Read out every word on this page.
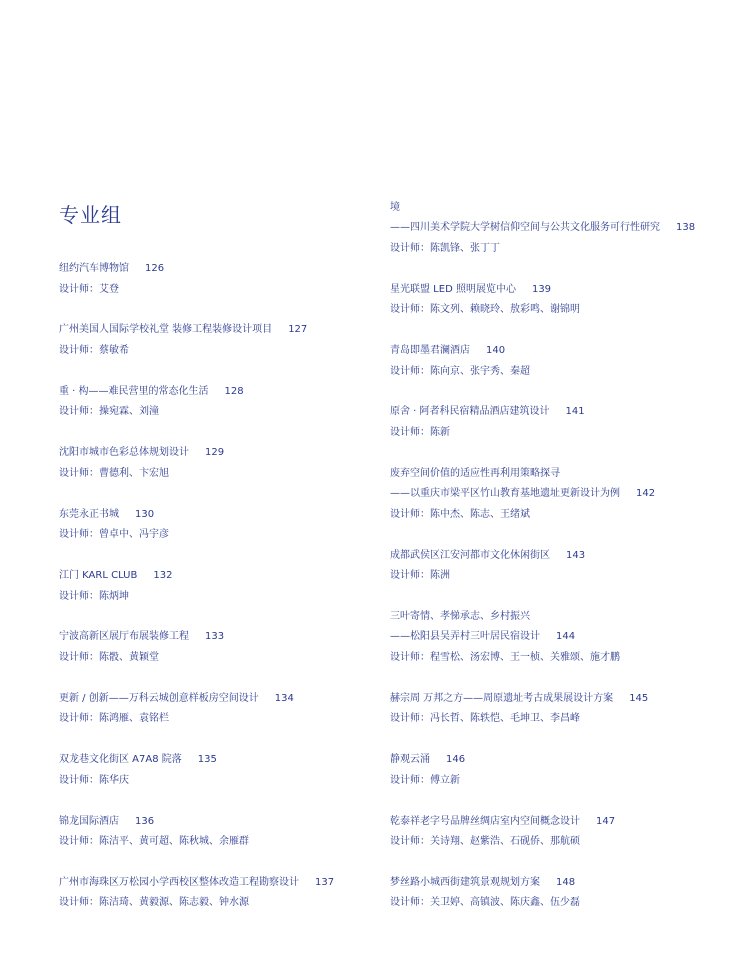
专业组
纽约汽车博物馆 126
设计师：艾登
广州美国人国际学校礼堂 装修工程装修设计项目 127
设计师：蔡敏希
重 · 构——难民营里的常态化生活 128
设计师：操宛霖、刘潼
沈阳市城市色彩总体规划设计 129
设计师：曹德利、卞宏旭
东莞永正书城 130
设计师：曾卓中、冯宇彦
江门 KARL CLUB 132
设计师：陈炳坤
宁波高新区展厅布展装修工程 133
设计师：陈骰、黄颖堂
更新 / 创新——万科云城创意样板房空间设计 134
设计师：陈鸿雁、袁铭栏
双龙巷文化街区 A7A8 院落 135
设计师：陈华庆
锦龙国际酒店 136
设计师：陈洁平、黄可超、陈秋城、余雁群
广州市海珠区万松园小学西校区整体改造工程勘察设计 137
设计师：陈洁琦、黄毅源、陈志毅、钟水源
境
——四川美术学院大学树信仰空间与公共文化服务可行性研究 138
设计师：陈凯锋、张丁丁
星光联盟 LED 照明展览中心 139
设计师：陈文列、赖晓玲、敖彩鸣、谢锦明
青岛即墨君澜酒店 140
设计师：陈向京、张宇秀、秦超
原舍 · 阿者科民宿精品酒店建筑设计 141
设计师：陈新
废弃空间价值的适应性再利用策略探寻
——以重庆市梁平区竹山教育基地遗址更新设计为例 142
设计师：陈中杰、陈志、王绪斌
成都武侯区江安河都市文化休闲街区 143
设计师：陈洲
三叶寄情、孝悌承志、乡村振兴
——松阳县吴弄村三叶居民宿设计 144
设计师：程雪松、汤宏博、王一桢、关雅颂、施才鹏
赫宗周 万邦之方——周原遗址考古成果展设计方案 145
设计师：冯长哲、陈轶恺、毛坤卫、李昌峰
静观云涌 146
设计师：傅立新
乾泰祥老字号品牌丝绸店室内空间概念设计 147
设计师：关诗翔、赵紫浩、石砚侨、那航硕
梦丝路小城西街建筑景观规划方案 148
设计师：关卫婷、高镇波、陈庆鑫、伍少磊
